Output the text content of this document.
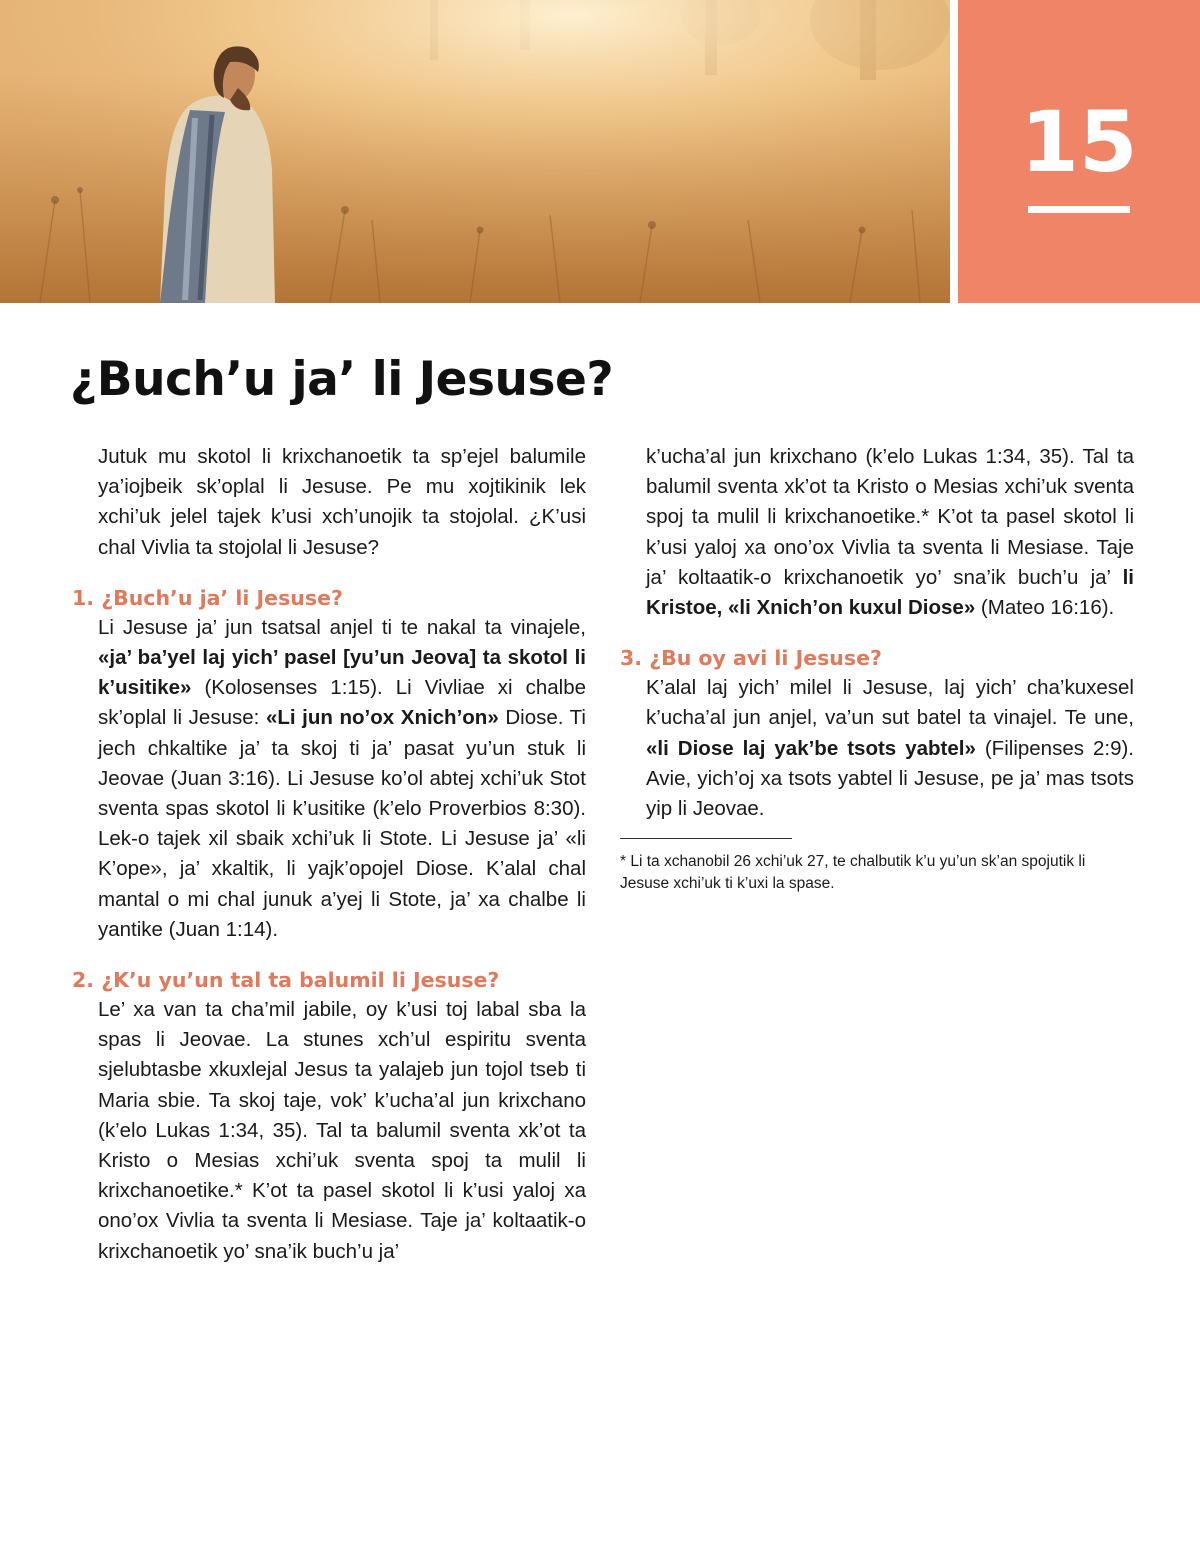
15
¿Buch’u ja’ li Jesuse?

Jutuk mu skotol li krixchanoetik ta sp’ejel balumile ya’iojbeik sk’oplal li Jesuse. Pe mu xojtikinik lek xchi’uk jelel tajek k’usi xch’unojik ta stojolal. ¿K’usi chal Vivlia ta stojolal li Jesuse?

1. ¿Buch’u ja’ li Jesuse?

Li Jesuse ja’ jun tsatsal anjel ti te nakal ta vinajele, «ja’ ba’yel laj yich’ pasel [yu’un Jeova] ta skotol li k’usitike» (Kolosenses 1:15). Li Vivliae xi chalbe sk’oplal li Jesuse: «Li jun no’ox Xnich’on» Diose. Ti jech chkaltike ja’ ta skoj ti ja’ pasat yu’un stuk li Jeovae (Juan 3:16). Li Jesuse ko’ol abtej xchi’uk Stot sventa spas skotol li k’usitike (k’elo Proverbios 8:30). Lek-o tajek xil sbaik xchi’uk li Stote. Li Jesuse ja’ «li K’ope», ja’ xkaltik, li yajk’opojel Diose. K’alal chal mantal o mi chal junuk a’yej li Stote, ja’ xa chalbe li yantike (Juan 1:14).

2. ¿K’u yu’un tal ta balumil li Jesuse?

Le’ xa van ta cha’mil jabile, oy k’usi toj labal sba la spas li Jeovae. La stunes xch’ul espiritu sventa sjelubtasbe xkuxlejal Jesus ta yalajeb jun tojol tseb ti Maria sbie. Ta skoj taje, vok’ k’ucha’al jun krixchano (k’elo Lukas 1:34, 35). Tal ta balumil sventa xk’ot ta Kristo o Mesias xchi’uk sventa spoj ta mulil li krixchanoetike.* K’ot ta pasel skotol li k’usi yaloj xa ono’ox Vivlia ta sventa li Mesiase. Taje ja’ koltaatik-o krixchanoetik yo’ sna’ik buch’u ja’

k’ucha’al jun krixchano (k’elo Lukas 1:34, 35). Tal ta balumil sventa xk’ot ta Kristo o Mesias xchi’uk sventa spoj ta mulil li krixchanoetike.* K’ot ta pasel skotol li k’usi yaloj xa ono’ox Vivlia ta sventa li Mesiase. Taje ja’ koltaatik-o krixchanoetik yo’ sna’ik buch’u ja’ li Kristoe, «li Xnich’on kuxul Diose» (Mateo 16:16).

3. ¿Bu oy avi li Jesuse?

K’alal laj yich’ milel li Jesuse, laj yich’ cha’kuxesel k’ucha’al jun anjel, va’un sut batel ta vinajel. Te une, «li Diose laj yak’be tsots yabtel» (Filipenses 2:9). Avie, yich’oj xa tsots yabtel li Jesuse, pe ja’ mas tsots yip li Jeovae.

* Li ta xchanobil 26 xchi’uk 27, te chalbutik k’u yu’un sk’an spojutik li Jesuse xchi’uk ti k’uxi la spase.
